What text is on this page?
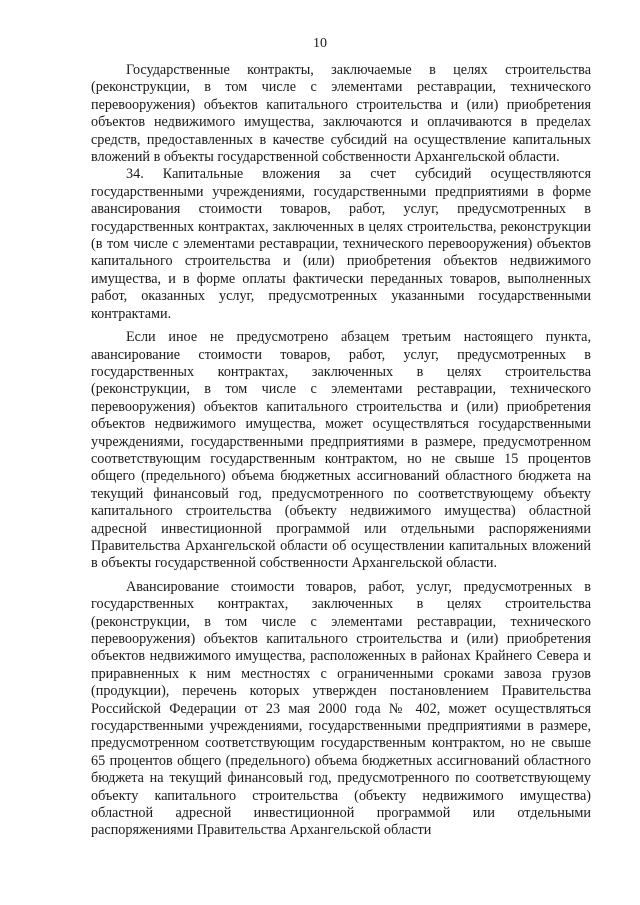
10

Государственные контракты, заключаемые в целях строительства (реконструкции, в том числе с элементами реставрации, технического перевооружения) объектов капитального строительства и (или) приобретения объектов недвижимого имущества, заключаются и оплачиваются в пределах средств, предоставленных в качестве субсидий на осуществление капитальных вложений в объекты государственной собственности Архангельской области.

34. Капитальные вложения за счет субсидий осуществляются государственными учреждениями, государственными предприятиями в форме авансирования стоимости товаров, работ, услуг, предусмотренных в государственных контрактах, заключенных в целях строительства, реконструкции (в том числе с элементами реставрации, технического перевооружения) объектов капитального строительства и (или) приобретения объектов недвижимого имущества, и в форме оплаты фактически переданных товаров, выполненных работ, оказанных услуг, предусмотренных указанными государственными контрактами.

Если иное не предусмотрено абзацем третьим настоящего пункта, авансирование стоимости товаров, работ, услуг, предусмотренных в государственных контрактах, заключенных в целях строительства (реконструкции, в том числе с элементами реставрации, технического перевооружения) объектов капитального строительства и (или) приобретения объектов недвижимого имущества, может осуществляться государственными учреждениями, государственными предприятиями в размере, предусмотренном соответствующим государственным контрактом, но не свыше 15 процентов общего (предельного) объема бюджетных ассигнований областного бюджета на текущий финансовый год, предусмотренного по соответствующему объекту капитального строительства (объекту недвижимого имущества) областной адресной инвестиционной программой или отдельными распоряжениями Правительства Архангельской области об осуществлении капитальных вложений в объекты государственной собственности Архангельской области.

Авансирование стоимости товаров, работ, услуг, предусмотренных в государственных контрактах, заключенных в целях строительства (реконструкции, в том числе с элементами реставрации, технического перевооружения) объектов капитального строительства и (или) приобретения объектов недвижимого имущества, расположенных в районах Крайнего Севера и приравненных к ним местностях с ограниченными сроками завоза грузов (продукции), перечень которых утвержден постановлением Правительства Российской Федерации от 23 мая 2000 года № 402, может осуществляться государственными учреждениями, государственными предприятиями в размере, предусмотренном соответствующим государственным контрактом, но не свыше 65 процентов общего (предельного) объема бюджетных ассигнований областного бюджета на текущий финансовый год, предусмотренного по соответствующему объекту капитального строительства (объекту недвижимого имущества) областной адресной инвестиционной программой или отдельными распоряжениями Правительства Архангельской области
